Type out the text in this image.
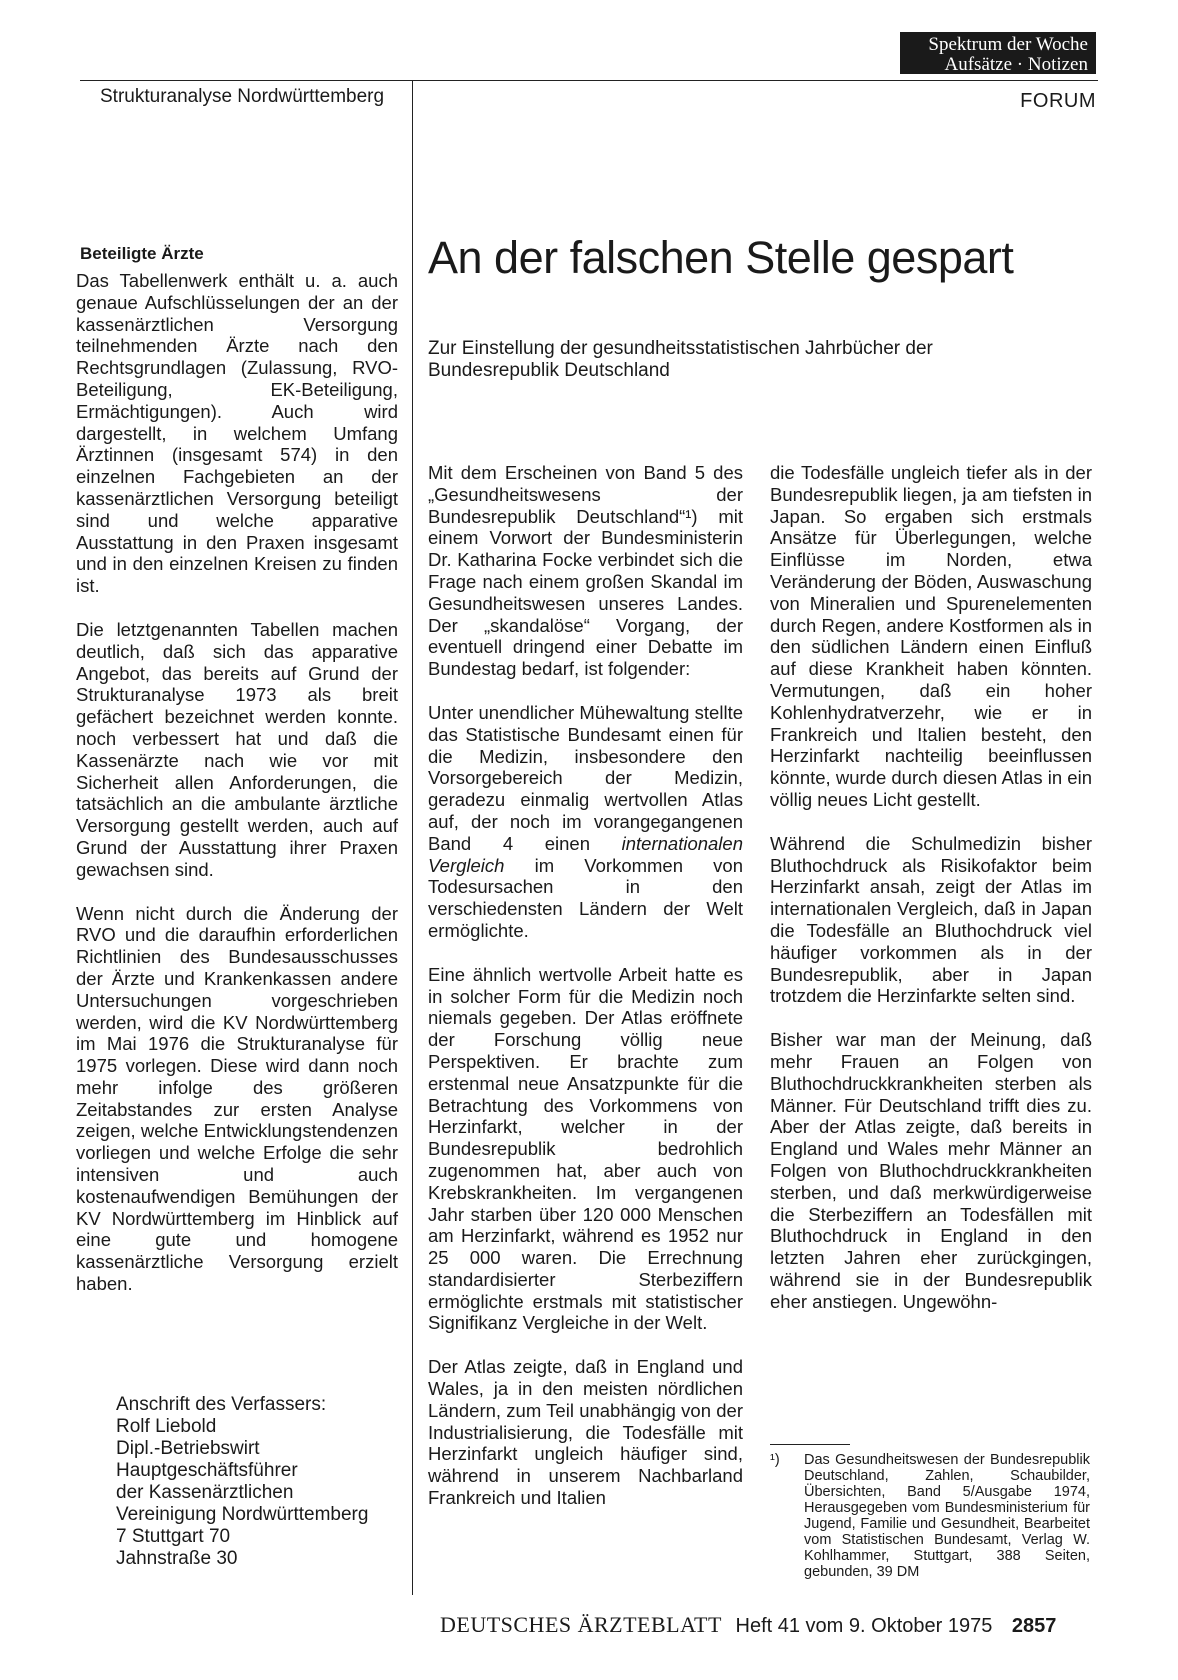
Spektrum der Woche
Aufsätze · Notizen
Strukturanalyse Nordwürttemberg	FORUM
Beteiligte Ärzte

Das Tabellenwerk enthält u. a. auch genaue Aufschlüsselungen der an der kassenärztlichen Versorgung teilnehmenden Ärzte nach den Rechtsgrundlagen (Zulassung, RVO-Beteiligung, EK-Beteiligung, Ermächtigungen). Auch wird dargestellt, in welchem Umfang Ärztinnen (insgesamt 574) in den einzelnen Fachgebieten an der kassenärztlichen Versorgung beteiligt sind und welche apparative Ausstattung in den Praxen insgesamt und in den einzelnen Kreisen zu finden ist.

Die letztgenannten Tabellen machen deutlich, daß sich das apparative Angebot, das bereits auf Grund der Strukturanalyse 1973 als breit gefächert bezeichnet werden konnte. noch verbessert hat und daß die Kassenärzte nach wie vor mit Sicherheit allen Anforderungen, die tatsächlich an die ambulante ärztliche Versorgung gestellt werden, auch auf Grund der Ausstattung ihrer Praxen gewachsen sind.

Wenn nicht durch die Änderung der RVO und die daraufhin erforderlichen Richtlinien des Bundesausschusses der Ärzte und Krankenkassen andere Untersuchungen vorgeschrieben werden, wird die KV Nordwürttemberg im Mai 1976 die Strukturanalyse für 1975 vorlegen. Diese wird dann noch mehr infolge des größeren Zeitabstandes zur ersten Analyse zeigen, welche Entwicklungstendenzen vorliegen und welche Erfolge die sehr intensiven und auch kostenaufwendigen Bemühungen der KV Nordwürttemberg im Hinblick auf eine gute und homogene kassenärztliche Versorgung erzielt haben.

Anschrift des Verfassers:
Rolf Liebold
Dipl.-Betriebswirt
Hauptgeschäftsführer
der Kassenärztlichen
Vereinigung Nordwürttemberg
7 Stuttgart 70
Jahnstraße 30
An der falschen Stelle gespart
Zur Einstellung der gesundheitsstatistischen Jahrbücher der Bundesrepublik Deutschland

Mit dem Erscheinen von Band 5 des „Gesundheitswesens der Bundesrepublik Deutschland“¹) mit einem Vorwort der Bundesministerin Dr. Katharina Focke verbindet sich die Frage nach einem großen Skandal im Gesundheitswesen unseres Landes. Der „skandalöse“ Vorgang, der eventuell dringend einer Debatte im Bundestag bedarf, ist folgender:

Unter unendlicher Mühewaltung stellte das Statistische Bundesamt einen für die Medizin, insbesondere den Vorsorgebereich der Medizin, geradezu einmalig wertvollen Atlas auf, der noch im vorangegangenen Band 4 einen internationalen Vergleich im Vorkommen von Todesursachen in den verschiedensten Ländern der Welt ermöglichte.

Eine ähnlich wertvolle Arbeit hatte es in solcher Form für die Medizin noch niemals gegeben. Der Atlas eröffnete der Forschung völlig neue Perspektiven. Er brachte zum erstenmal neue Ansatzpunkte für die Betrachtung des Vorkommens von Herzinfarkt, welcher in der Bundesrepublik bedrohlich zugenommen hat, aber auch von Krebskrankheiten. Im vergangenen Jahr starben über 120 000 Menschen am Herzinfarkt, während es 1952 nur 25 000 waren. Die Errechnung standardisierter Sterbeziffern ermöglichte erstmals mit statistischer Signifikanz Vergleiche in der Welt.

Der Atlas zeigte, daß in England und Wales, ja in den meisten nördlichen Ländern, zum Teil unabhängig von der Industrialisierung, die Todesfälle mit Herzinfarkt ungleich häufiger sind, während in unserem Nachbarland Frankreich und Italien

die Todesfälle ungleich tiefer als in der Bundesrepublik liegen, ja am tiefsten in Japan. So ergaben sich erstmals Ansätze für Überlegungen, welche Einflüsse im Norden, etwa Veränderung der Böden, Auswaschung von Mineralien und Spurenelementen durch Regen, andere Kostformen als in den südlichen Ländern einen Einfluß auf diese Krankheit haben könnten. Vermutungen, daß ein hoher Kohlenhydratverzehr, wie er in Frankreich und Italien besteht, den Herzinfarkt nachteilig beeinflussen könnte, wurde durch diesen Atlas in ein völlig neues Licht gestellt.

Während die Schulmedizin bisher Bluthochdruck als Risikofaktor beim Herzinfarkt ansah, zeigt der Atlas im internationalen Vergleich, daß in Japan die Todesfälle an Bluthochdruck viel häufiger vorkommen als in der Bundesrepublik, aber in Japan trotzdem die Herzinfarkte selten sind.

Bisher war man der Meinung, daß mehr Frauen an Folgen von Bluthochdruckkrankheiten sterben als Männer. Für Deutschland trifft dies zu. Aber der Atlas zeigte, daß bereits in England und Wales mehr Männer an Folgen von Bluthochdruckkrankheiten sterben, und daß merkwürdigerweise die Sterbeziffern an Todesfällen mit Bluthochdruck in England in den letzten Jahren eher zurückgingen, während sie in der Bundesrepublik eher anstiegen. Ungewöhn-

¹)	Das Gesundheitswesen der Bundesrepublik Deutschland, Zahlen, Schaubilder, Übersichten, Band 5/Ausgabe 1974, Herausgegeben vom Bundesministerium für Jugend, Familie und Gesundheit, Bearbeitet vom Statistischen Bundesamt, Verlag W. Kohlhammer, Stuttgart, 388 Seiten, gebunden, 39 DM
DEUTSCHES ÄRZTEBLATT Heft 41 vom 9. Oktober 1975 2857
